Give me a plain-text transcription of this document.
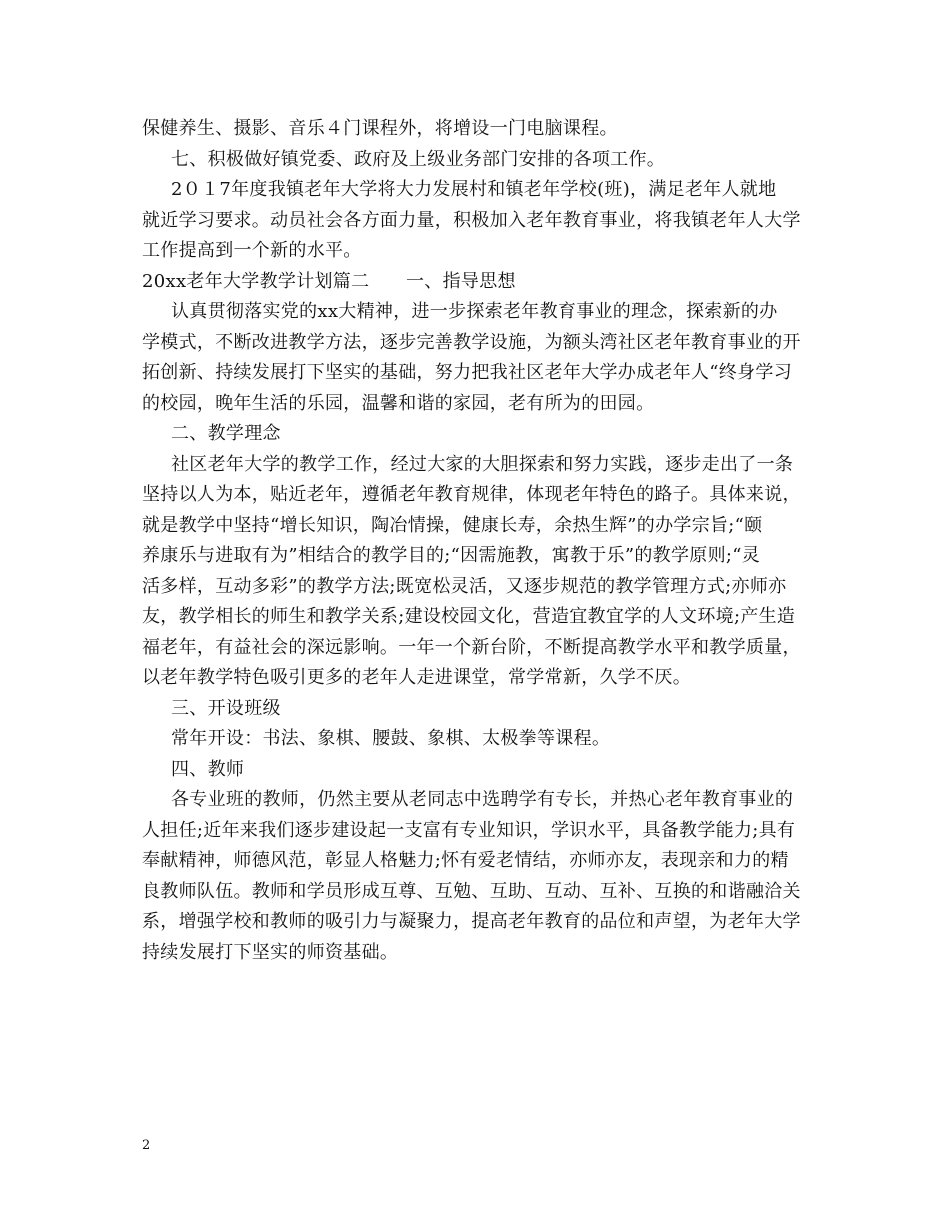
保健养生、摄影、音乐４门课程外，将增设一门电脑课程。
七、积极做好镇党委、政府及上级业务部门安排的各项工作。
2０１7年度我镇老年大学将大力发展村和镇老年学校(班)，满足老年人就地
就近学习要求。动员社会各方面力量，积极加入老年教育事业，将我镇老年人大学
工作提高到一个新的水平。
20xx老年大学教学计划篇二　　一、指导思想
认真贯彻落实党的xx大精神，进一步探索老年教育事业的理念，探索新的办
学模式，不断改进教学方法，逐步完善教学设施，为额头湾社区老年教育事业的开
拓创新、持续发展打下坚实的基础，努力把我社区老年大学办成老年人“终身学习
的校园，晚年生活的乐园，温馨和谐的家园，老有所为的田园。
二、教学理念
社区老年大学的教学工作，经过大家的大胆探索和努力实践，逐步走出了一条
坚持以人为本，贴近老年，遵循老年教育规律，体现老年特色的路子。具体来说，
就是教学中坚持“增长知识，陶冶情操，健康长寿，余热生辉”的办学宗旨;“颐
养康乐与进取有为”相结合的教学目的;“因需施教，寓教于乐”的教学原则;“灵
活多样，互动多彩”的教学方法;既宽松灵活，又逐步规范的教学管理方式;亦师亦
友，教学相长的师生和教学关系;建设校园文化，营造宜教宜学的人文环境;产生造
福老年，有益社会的深远影响。一年一个新台阶，不断提高教学水平和教学质量，
以老年教学特色吸引更多的老年人走进课堂，常学常新，久学不厌。
三、开设班级
常年开设：书法、象棋、腰鼓、象棋、太极拳等课程。
四、教师
各专业班的教师，仍然主要从老同志中选聘学有专长，并热心老年教育事业的
人担任;近年来我们逐步建设起一支富有专业知识，学识水平，具备教学能力;具有
奉献精神，师德风范，彰显人格魅力;怀有爱老情结，亦师亦友，表现亲和力的精
良教师队伍。教师和学员形成互尊、互勉、互助、互动、互补、互换的和谐融洽关
系，增强学校和教师的吸引力与凝聚力，提高老年教育的品位和声望，为老年大学
持续发展打下坚实的师资基础。
2
